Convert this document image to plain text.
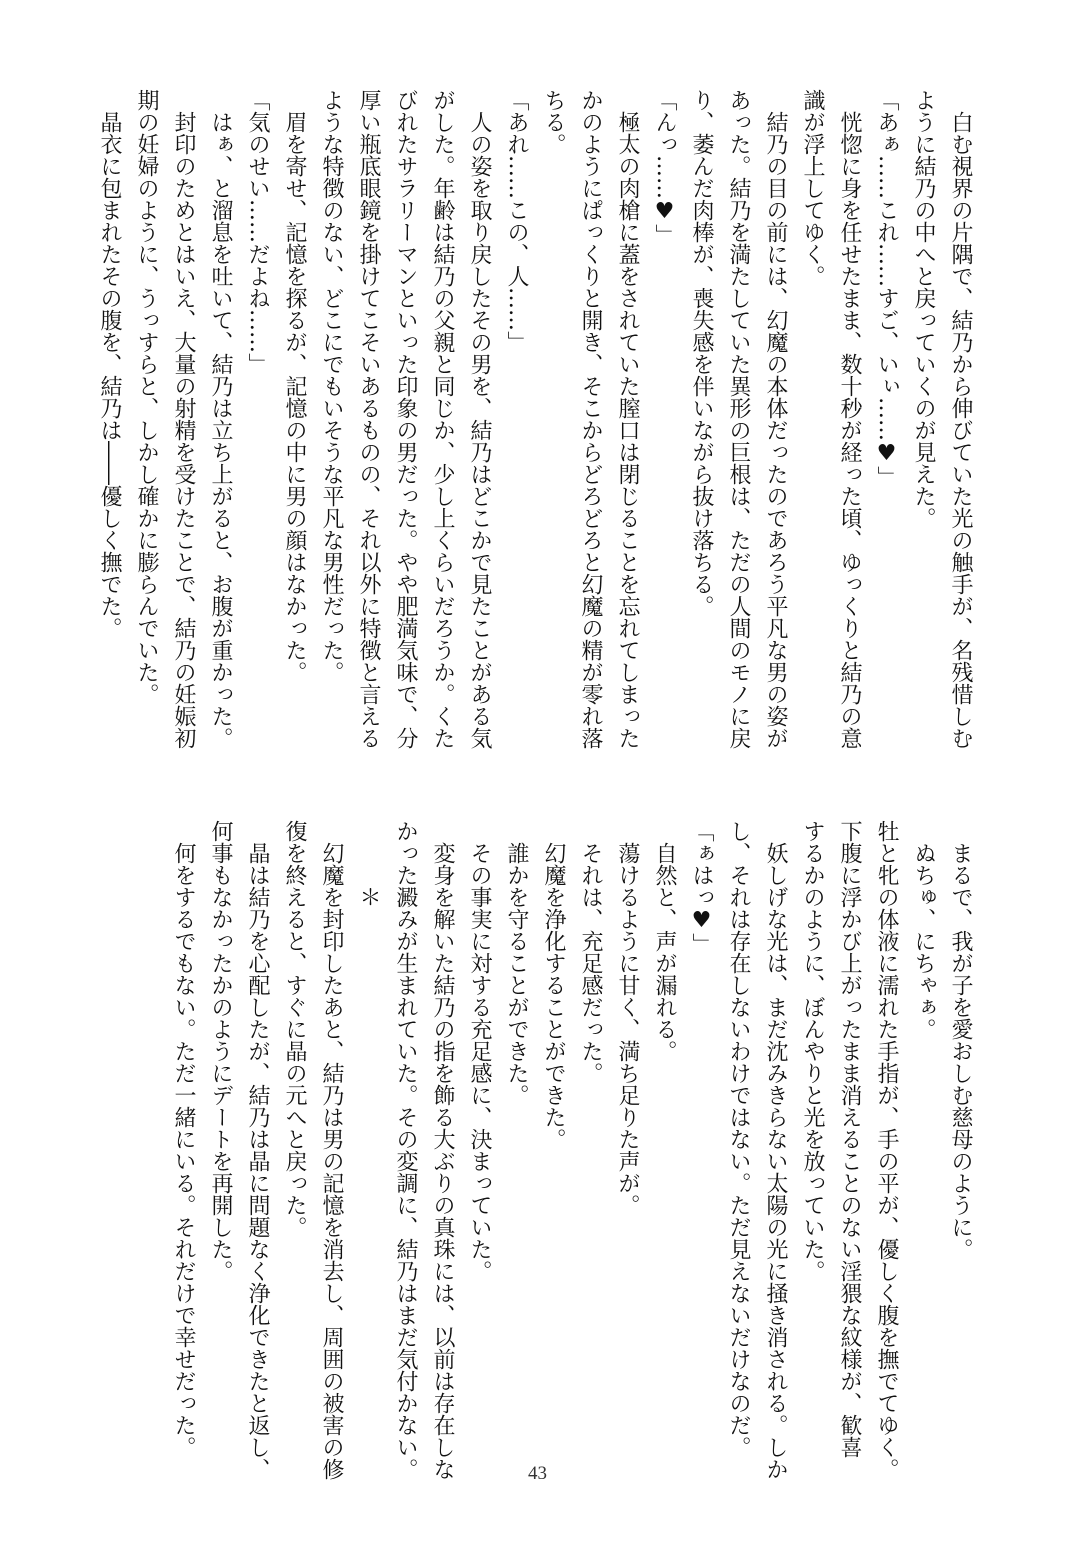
白む視界の片隅で、結乃から伸びていた光の触手が、名残惜しむ
ように結乃の中へと戻っていくのが見えた。
「あぁ……これ……すご、いぃ……♥」
恍惚に身を任せたまま、数十秒が経った頃、ゆっくりと結乃の意
識が浮上してゆく。
結乃の目の前には、幻魔の本体だったのであろう平凡な男の姿が
あった。結乃を満たしていた異形の巨根は、ただの人間のモノに戻
り、萎んだ肉棒が、喪失感を伴いながら抜け落ちる。
「んっ……♥」
極太の肉槍に蓋をされていた膣口は閉じることを忘れてしまった
かのようにぱっくりと開き、そこからどろどろと幻魔の精が零れ落
ちる。
「あれ……この、人……」
人の姿を取り戻したその男を、結乃はどこかで見たことがある気
がした。年齢は結乃の父親と同じか、少し上くらいだろうか。くた
びれたサラリーマンといった印象の男だった。やや肥満気味で、分
厚い瓶底眼鏡を掛けてこそいあるものの、それ以外に特徴と言える
ような特徴のない、どこにでもいそうな平凡な男性だった。
眉を寄せ、記憶を探るが、記憶の中に男の顔はなかった。
「気のせい……だよね……」
はぁ、と溜息を吐いて、結乃は立ち上がると、お腹が重かった。
封印のためとはいえ、大量の射精を受けたことで、結乃の妊娠初
期の妊婦のように、うっすらと、しかし確かに膨らんでいた。
晶衣に包まれたその腹を、結乃は――優しく撫でた。
まるで、我が子を愛おしむ慈母のように。
ぬちゅ、にちゃぁ。
牡と牝の体液に濡れた手指が、手の平が、優しく腹を撫でてゆく。
下腹に浮かび上がったまま消えることのない淫猥な紋様が、歓喜
するかのように、ぼんやりと光を放っていた。
妖しげな光は、まだ沈みきらない太陽の光に掻き消される。しか
し、それは存在しないわけではない。ただ見えないだけなのだ。
「ぁはっ♥」
自然と、声が漏れる。
蕩けるように甘く、満ち足りた声が。
それは、充足感だった。
幻魔を浄化することができた。
誰かを守ることができた。
その事実に対する充足感に、決まっていた。
変身を解いた結乃の指を飾る大ぶりの真珠には、以前は存在しな
かった澱みが生まれていた。その変調に、結乃はまだ気付かない。
＊
幻魔を封印したあと、結乃は男の記憶を消去し、周囲の被害の修
復を終えると、すぐに晶の元へと戻った。
晶は結乃を心配したが、結乃は晶に問題なく浄化できたと返し、
何事もなかったかのようにデートを再開した。
何をするでもない。ただ一緒にいる。それだけで幸せだった。
43
